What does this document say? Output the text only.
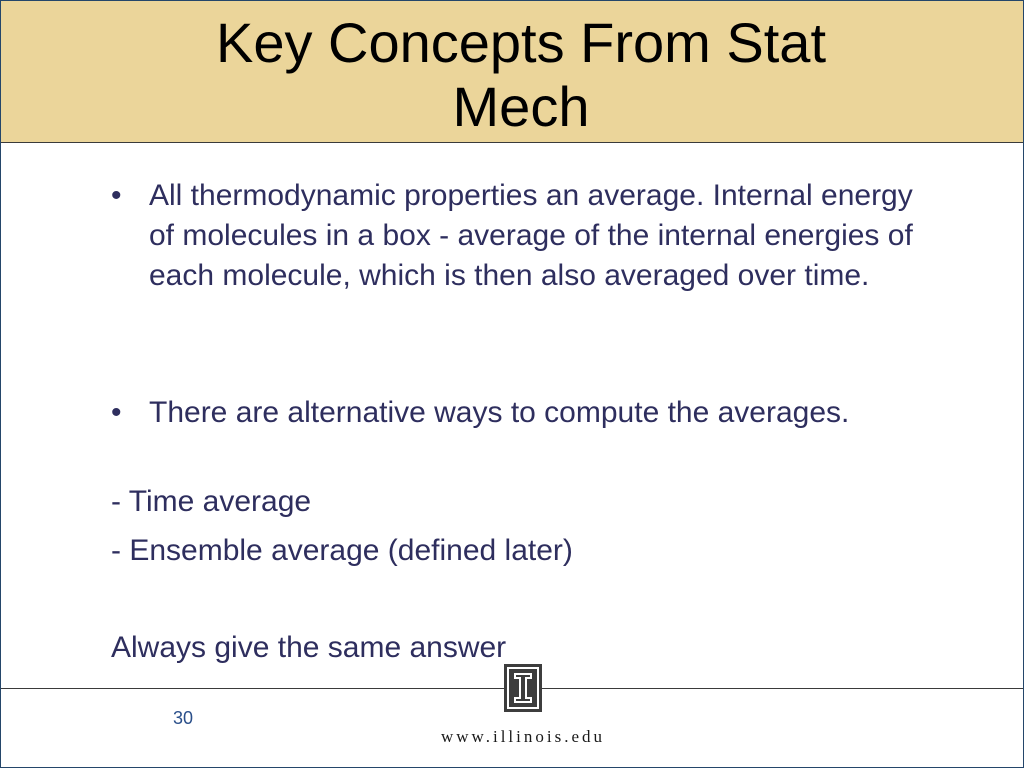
Key Concepts From Stat
Mech
• All thermodynamic properties an average. Internal energy of molecules in a box - average of the internal energies of each molecule, which is then also averaged over time.
• There are alternative ways to compute the averages.
- Time average
- Ensemble average (defined later)
Always give the same answer
30
www.illinois.edu
